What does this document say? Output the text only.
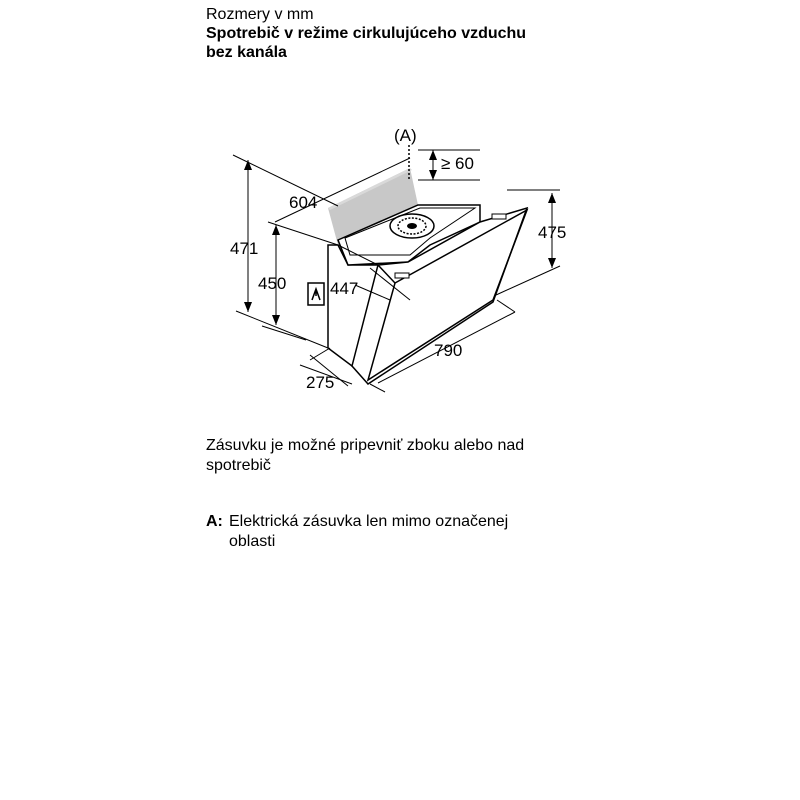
Rozmery v mm
Spotrebič v režime cirkulujúceho vzduchu
bez kanála
(A)
≥ 60
604
471
450	447
475
790
275
Zásuvku je možné pripevniť zboku alebo nad
spotrebič
A: Elektrická zásuvka len mimo označenej
oblasti
